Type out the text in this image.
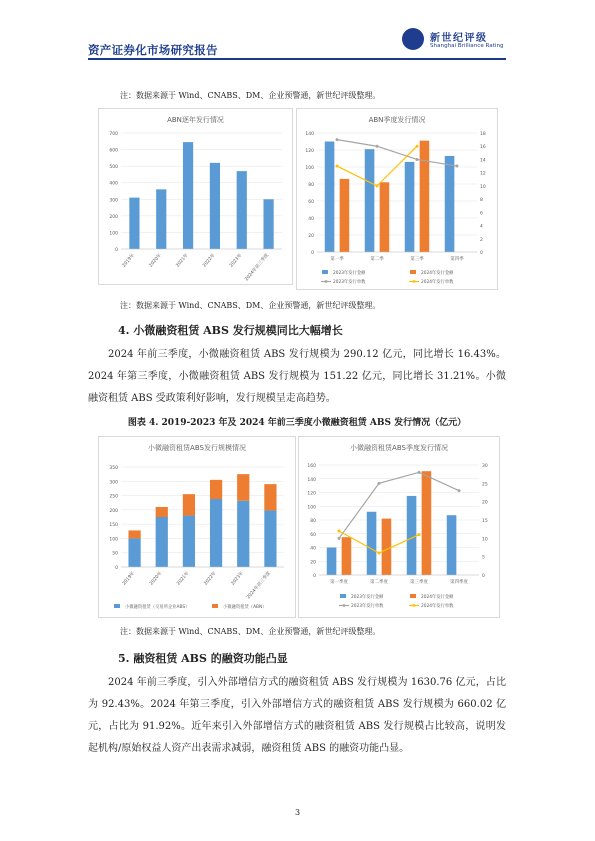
资产证券化市场研究报告
新世纪评级
Shanghai Brilliance Rating
注：数据来源于 Wind、CNABS、DM、企业预警通，新世纪评级整理。
ABN逐年发行情况
0
100
200
300
400
500
600
700
2019年	2020年	2021年	2022年	2023年 2024年前三季度
ABN季度发行情况
0
20
40
60
80
100
120
140
0
2
4
6
8
10
12
14
16
18
第一季	第二季	第三季	第四季
2023年发行金额	2024年发行金额
2023年发行单数	2024年发行单数
注：数据来源于 Wind、CNABS、DM、企业预警通，新世纪评级整理。
4. 小微融资租赁 ABS 发行规模同比大幅增长
2024 年前三季度，小微融资租赁 ABS 发行规模为 290.12 亿元，同比增长 16.43%。2024 年第三季度，小微融资租赁 ABS 发行规模为 151.22 亿元，同比增长 31.21%。小微融资租赁 ABS 受政策利好影响，发行规模呈走高趋势。
图表 4. 2019-2023 年及 2024 年前三季度小微融资租赁 ABS 发行情况（亿元）
小微融资租赁ABS发行规模情况
0
50
100
150
200
250
300
350
2019年	2020年	2021年	2022年	2023年 2024年前三季度
小微融资租赁（交易所企业ABS）	小微融资租赁（ABN）
小微融资租赁ABS季度发行情况
0
20
40
60
80
100
120
140
160
0
5
10
15
20
25
30
第一季度	第二季度	第三季度	第四季度
2023年发行金额	2024年发行金额
2023年发行单数	2024年发行单数
注：数据来源于 Wind、CNABS、DM、企业预警通，新世纪评级整理。
5. 融资租赁 ABS 的融资功能凸显
2024 年前三季度，引入外部增信方式的融资租赁 ABS 发行规模为 1630.76 亿元，占比为 92.43%。2024 年第三季度，引入外部增信方式的融资租赁 ABS 发行规模为 660.02 亿元，占比为 91.92%。近年来引入外部增信方式的融资租赁 ABS 发行规模占比较高，说明发起机构/原始权益人资产出表需求减弱，融资租赁 ABS 的融资功能凸显。
3
